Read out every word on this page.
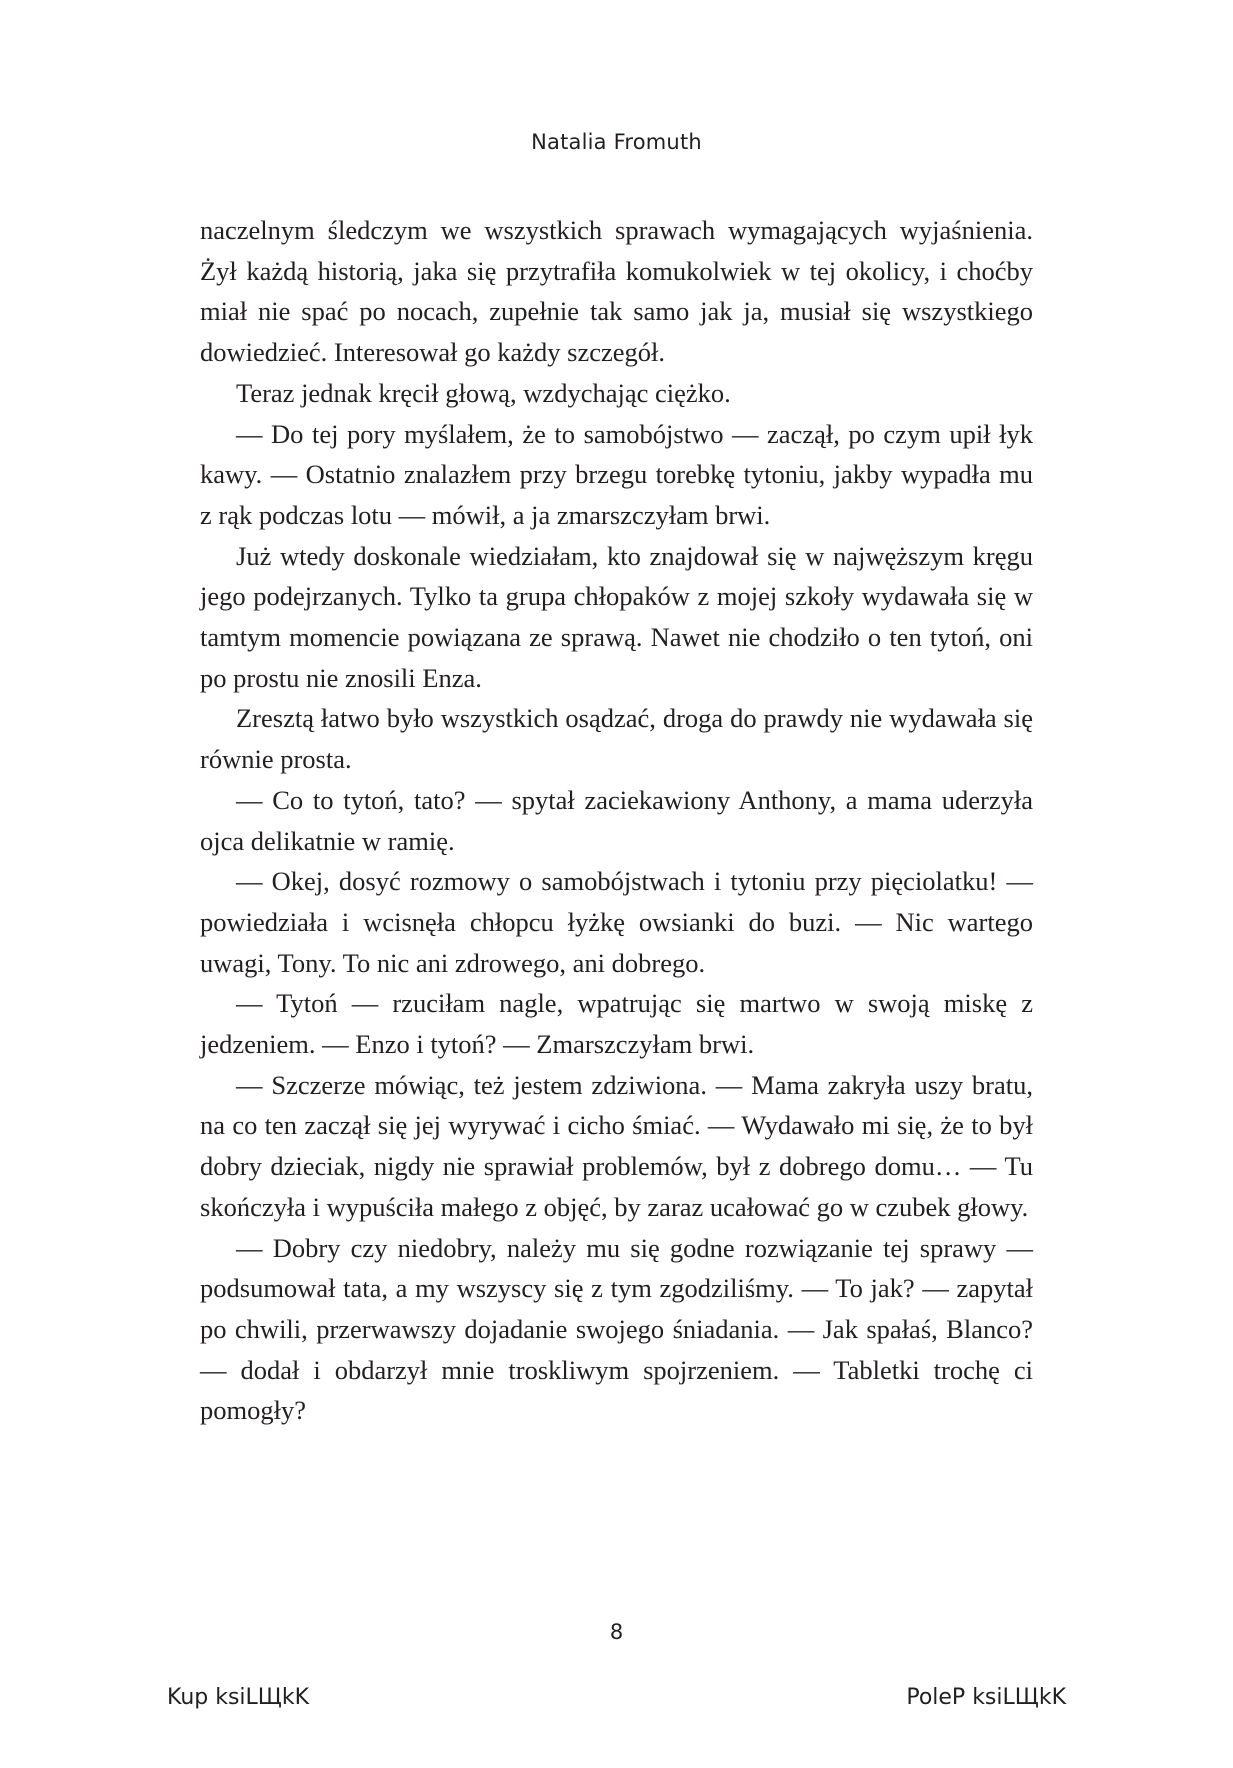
Natalia Fromuth

naczelnym śledczym we wszystkich sprawach wymagających wyjaśnienia. Żył każdą historią, jaka się przytrafiła komukolwiek w tej okolicy, i choćby miał nie spać po nocach, zupełnie tak samo jak ja, musiał się wszystkiego dowiedzieć. Interesował go każdy szczegół.

Teraz jednak kręcił głową, wzdychając ciężko.

— Do tej pory myślałem, że to samobójstwo — zaczął, po czym upił łyk kawy. — Ostatnio znalazłem przy brzegu torebkę tytoniu, jakby wypadła mu z rąk podczas lotu — mówił, a ja zmarszczyłam brwi.

Już wtedy doskonale wiedziałam, kto znajdował się w najwęższym kręgu jego podejrzanych. Tylko ta grupa chłopaków z mojej szkoły wydawała się w tamtym momencie powiązana ze sprawą. Nawet nie chodziło o ten tytoń, oni po prostu nie znosili Enza.

Zresztą łatwo było wszystkich osądzać, droga do prawdy nie wydawała się równie prosta.

— Co to tytoń, tato? — spytał zaciekawiony Anthony, a mama uderzyła ojca delikatnie w ramię.

— Okej, dosyć rozmowy o samobójstwach i tytoniu przy pięciolatku! — powiedziała i wcisnęła chłopcu łyżkę owsianki do buzi. — Nic wartego uwagi, Tony. To nic ani zdrowego, ani dobrego.

— Tytoń — rzuciłam nagle, wpatrując się martwo w swoją miskę z jedzeniem. — Enzo i tytoń? — Zmarszczyłam brwi.

— Szczerze mówiąc, też jestem zdziwiona. — Mama zakryła uszy bratu, na co ten zaczął się jej wyrywać i cicho śmiać. — Wydawało mi się, że to był dobry dzieciak, nigdy nie sprawiał problemów, był z dobrego domu… — Tu skończyła i wypuściła małego z objęć, by zaraz ucałować go w czubek głowy.

— Dobry czy niedobry, należy mu się godne rozwiązanie tej sprawy — podsumował tata, a my wszyscy się z tym zgodziliśmy. — To jak? — zapytał po chwili, przerwawszy dojadanie swojego śniadania. — Jak spałaś, Blanco? — dodał i obdarzył mnie troskliwym spojrzeniem. — Tabletki trochę ci pomogły?

8
Kup ksiLЩkK	PoleP ksiLЩkK
